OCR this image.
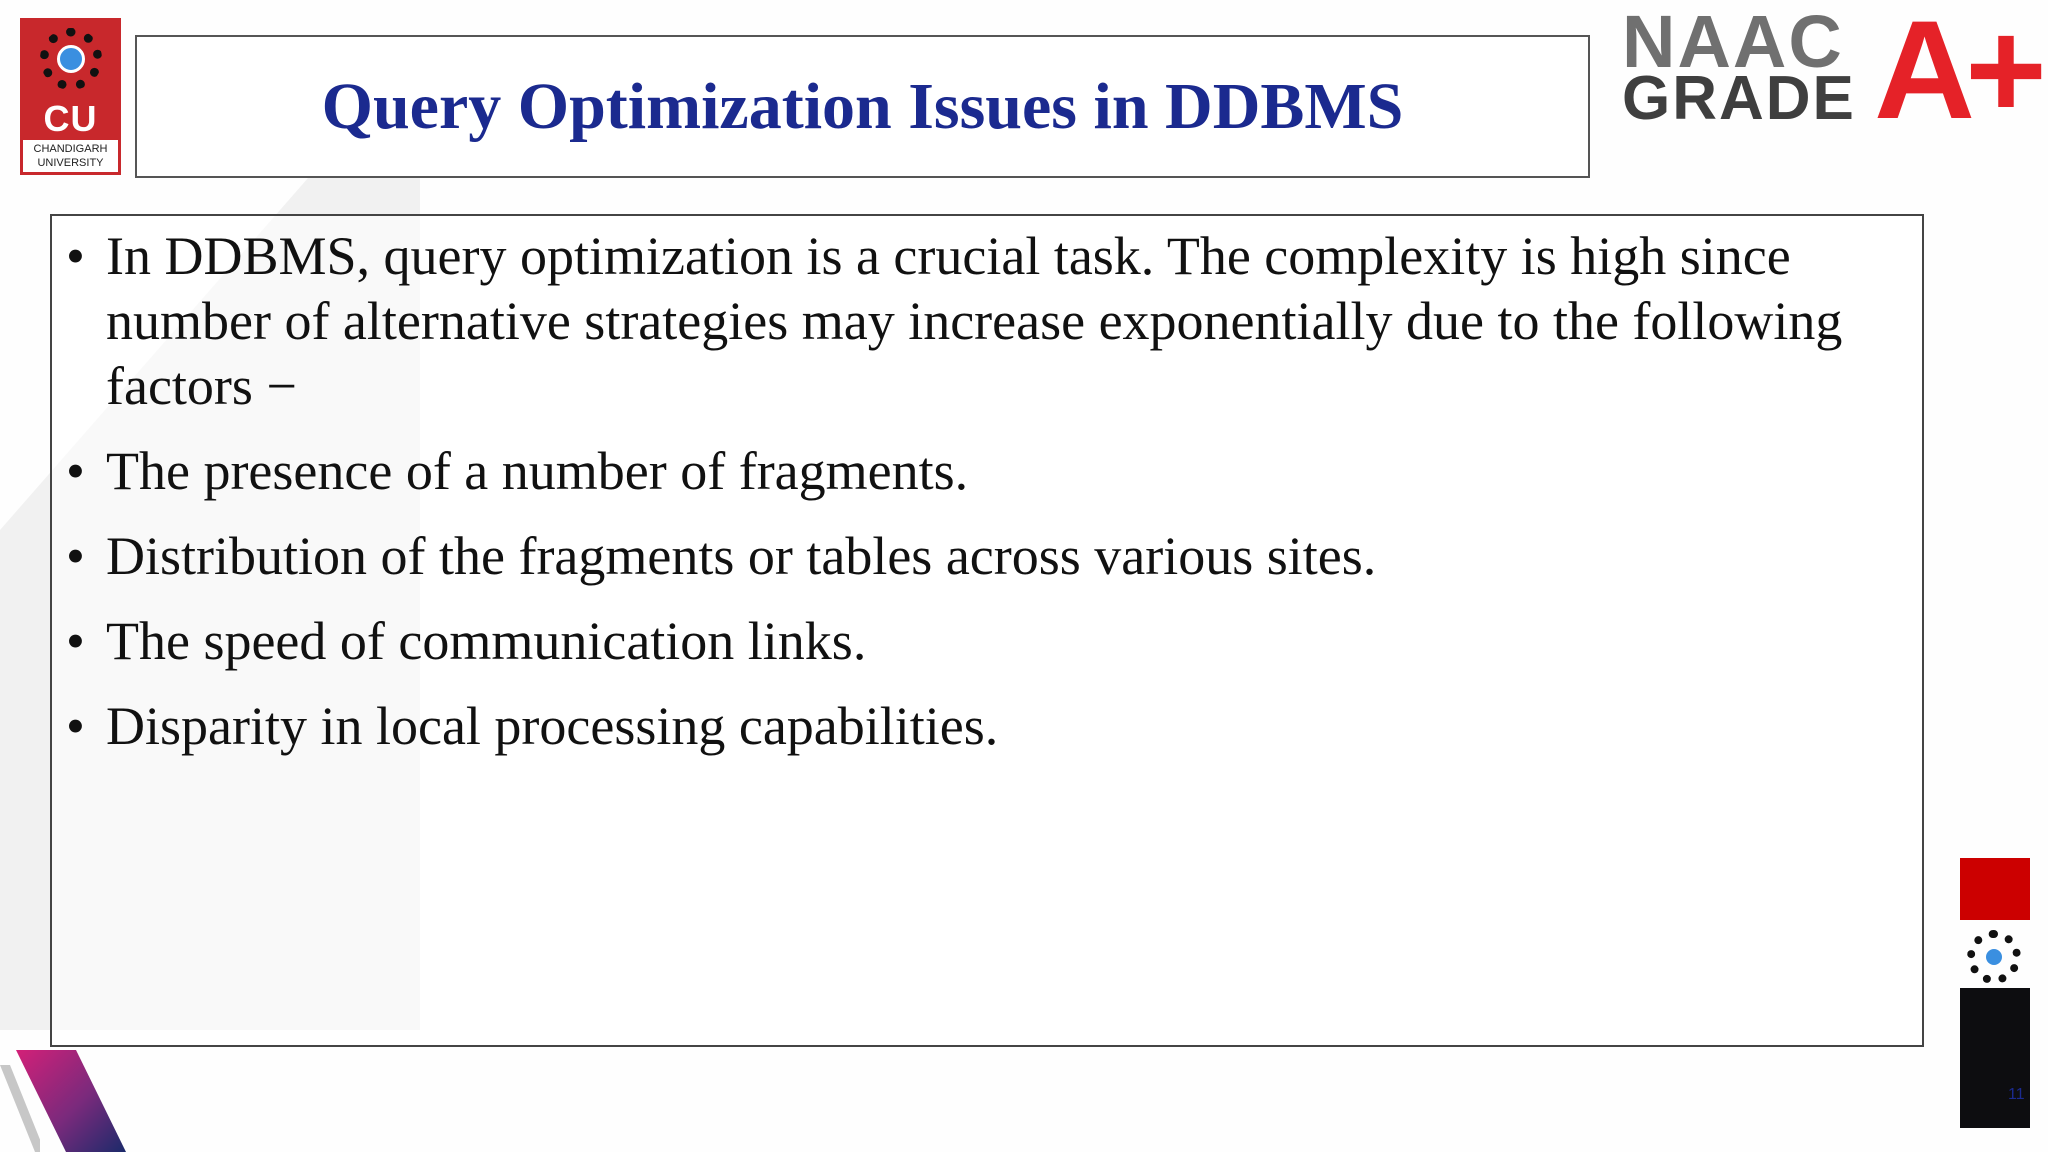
CU
CHANDIGARH UNIVERSITY
Query Optimization Issues in DDBMS
NAAC
GRADE A+
• In DDBMS, query optimization is a crucial task. The complexity is high since number of alternative strategies may increase exponentially due to the following factors −
• The presence of a number of fragments.
• Distribution of the fragments or tables across various sites.
• The speed of communication links.
• Disparity in local processing capabilities.
11
